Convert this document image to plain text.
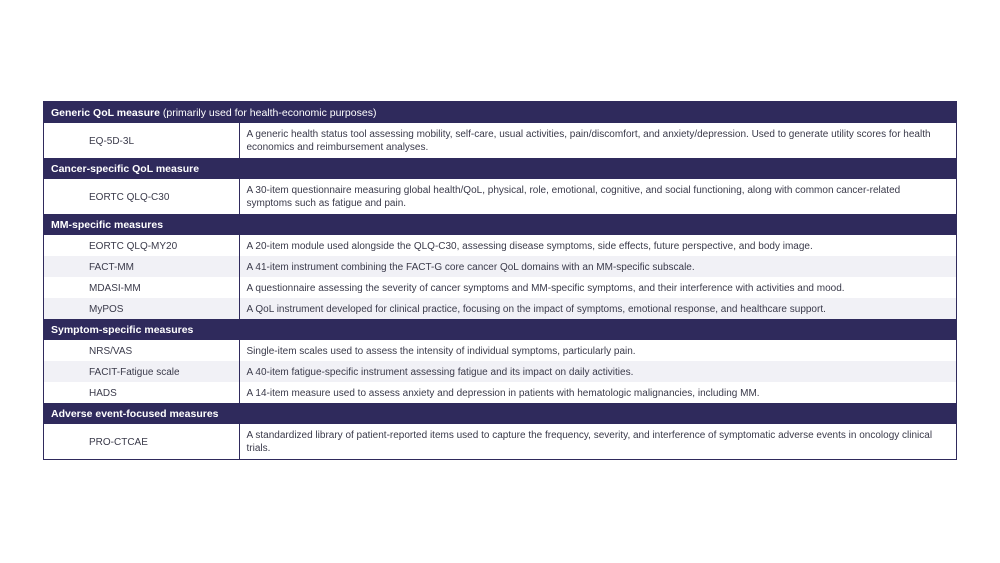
Generic QoL measure (primarily used for health-economic purposes)	
EQ-5D-3L	A generic health status tool assessing mobility, self-care, usual activities, pain/discomfort, and anxiety/depression. Used to generate utility scores for health economics and reimbursement analyses.
Cancer-specific QoL measure	
EORTC QLQ-C30	A 30-item questionnaire measuring global health/QoL, physical, role, emotional, cognitive, and social functioning, along with common cancer-related symptoms such as fatigue and pain.
MM-specific measures	
EORTC QLQ-MY20	A 20-item module used alongside the QLQ-C30, assessing disease symptoms, side effects, future perspective, and body image.
FACT-MM	A 41-item instrument combining the FACT-G core cancer QoL domains with an MM-specific subscale.
MDASI-MM	A questionnaire assessing the severity of cancer symptoms and MM-specific symptoms, and their interference with activities and mood.
MyPOS	A QoL instrument developed for clinical practice, focusing on the impact of symptoms, emotional response, and healthcare support.
Symptom-specific measures	
NRS/VAS	Single-item scales used to assess the intensity of individual symptoms, particularly pain.
FACIT-Fatigue scale	A 40-item fatigue-specific instrument assessing fatigue and its impact on daily activities.
HADS	A 14-item measure used to assess anxiety and depression in patients with hematologic malignancies, including MM.
Adverse event-focused measures	
PRO-CTCAE	A standardized library of patient-reported items used to capture the frequency, severity, and interference of symptomatic adverse events in oncology clinical trials.
